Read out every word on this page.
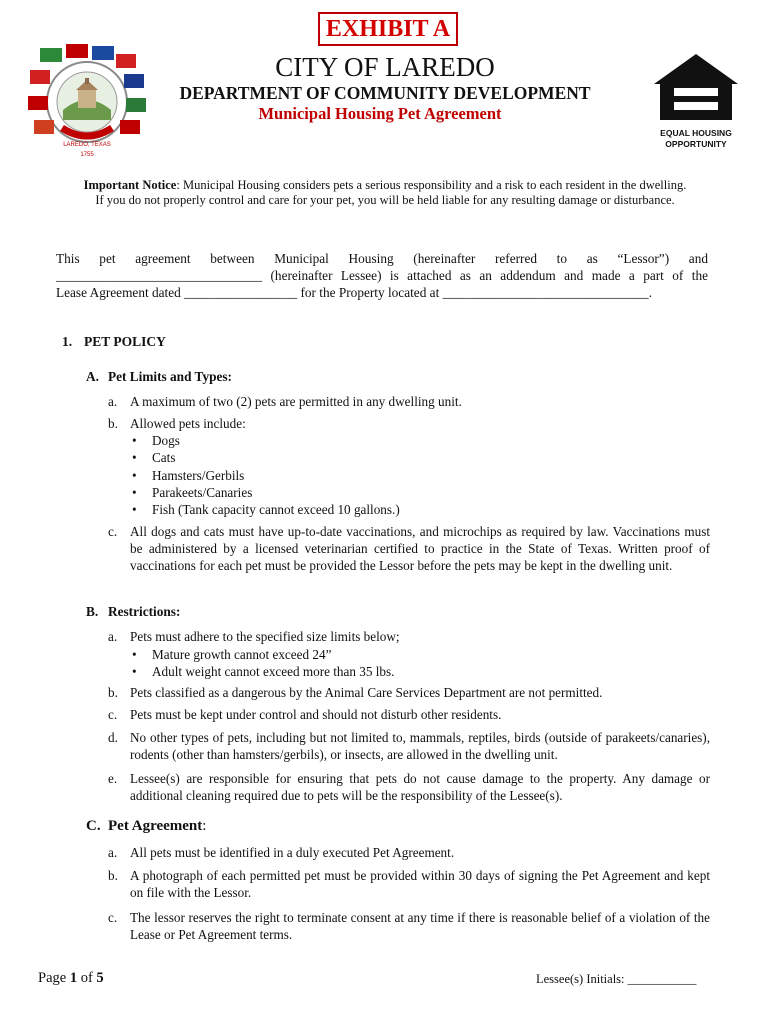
EXHIBIT A
LAREDO, TEXAS
1755
CITY OF LAREDO
DEPARTMENT OF COMMUNITY DEVELOPMENT
Municipal Housing Pet Agreement
EQUAL HOUSING
OPPORTUNITY
Important Notice: Municipal Housing considers pets a serious responsibility and a risk to each resident in the dwelling.
If you do not properly control and care for your pet, you will be held liable for any resulting damage or disturbance.

This pet agreement between Municipal Housing (hereinafter referred to as “Lessor”) and

_______________________________ (hereinafter Lessee) is attached as an addendum and made a part of the

Lease Agreement dated _________________ for the Property located at _______________________________.

1. PET POLICY
A. Pet Limits and Types:
a. A maximum of two (2) pets are permitted in any dwelling unit.
b. Allowed pets include:
•	Dogs
•	Cats
•	Hamsters/Gerbils
•	Parakeets/Canaries
•	Fish (Tank capacity cannot exceed 10 gallons.)
c. All dogs and cats must have up-to-date vaccinations, and microchips as required by law. Vaccinations must be administered by a licensed veterinarian certified to practice in the State of Texas. Written proof of vaccinations for each pet must be provided the Lessor before the pets may be kept in the dwelling unit.
B. Restrictions:
a. Pets must adhere to the specified size limits below;
•	Mature growth cannot exceed 24”
•	Adult weight cannot exceed more than 35 lbs.
b. Pets classified as a dangerous by the Animal Care Services Department are not permitted.
c. Pets must be kept under control and should not disturb other residents.
d. No other types of pets, including but not limited to, mammals, reptiles, birds (outside of parakeets/canaries), rodents (other than hamsters/gerbils), or insects, are allowed in the dwelling unit.
e. Lessee(s) are responsible for ensuring that pets do not cause damage to the property. Any damage or additional cleaning required due to pets will be the responsibility of the Lessee(s).
C. Pet Agreement:
a. All pets must be identified in a duly executed Pet Agreement.
b. A photograph of each permitted pet must be provided within 30 days of signing the Pet Agreement and kept on file with the Lessor.
c. The lessor reserves the right to terminate consent at any time if there is reasonable belief of a violation of the Lease or Pet Agreement terms.
Page 1 of 5	Lessee(s) Initials: ___________
